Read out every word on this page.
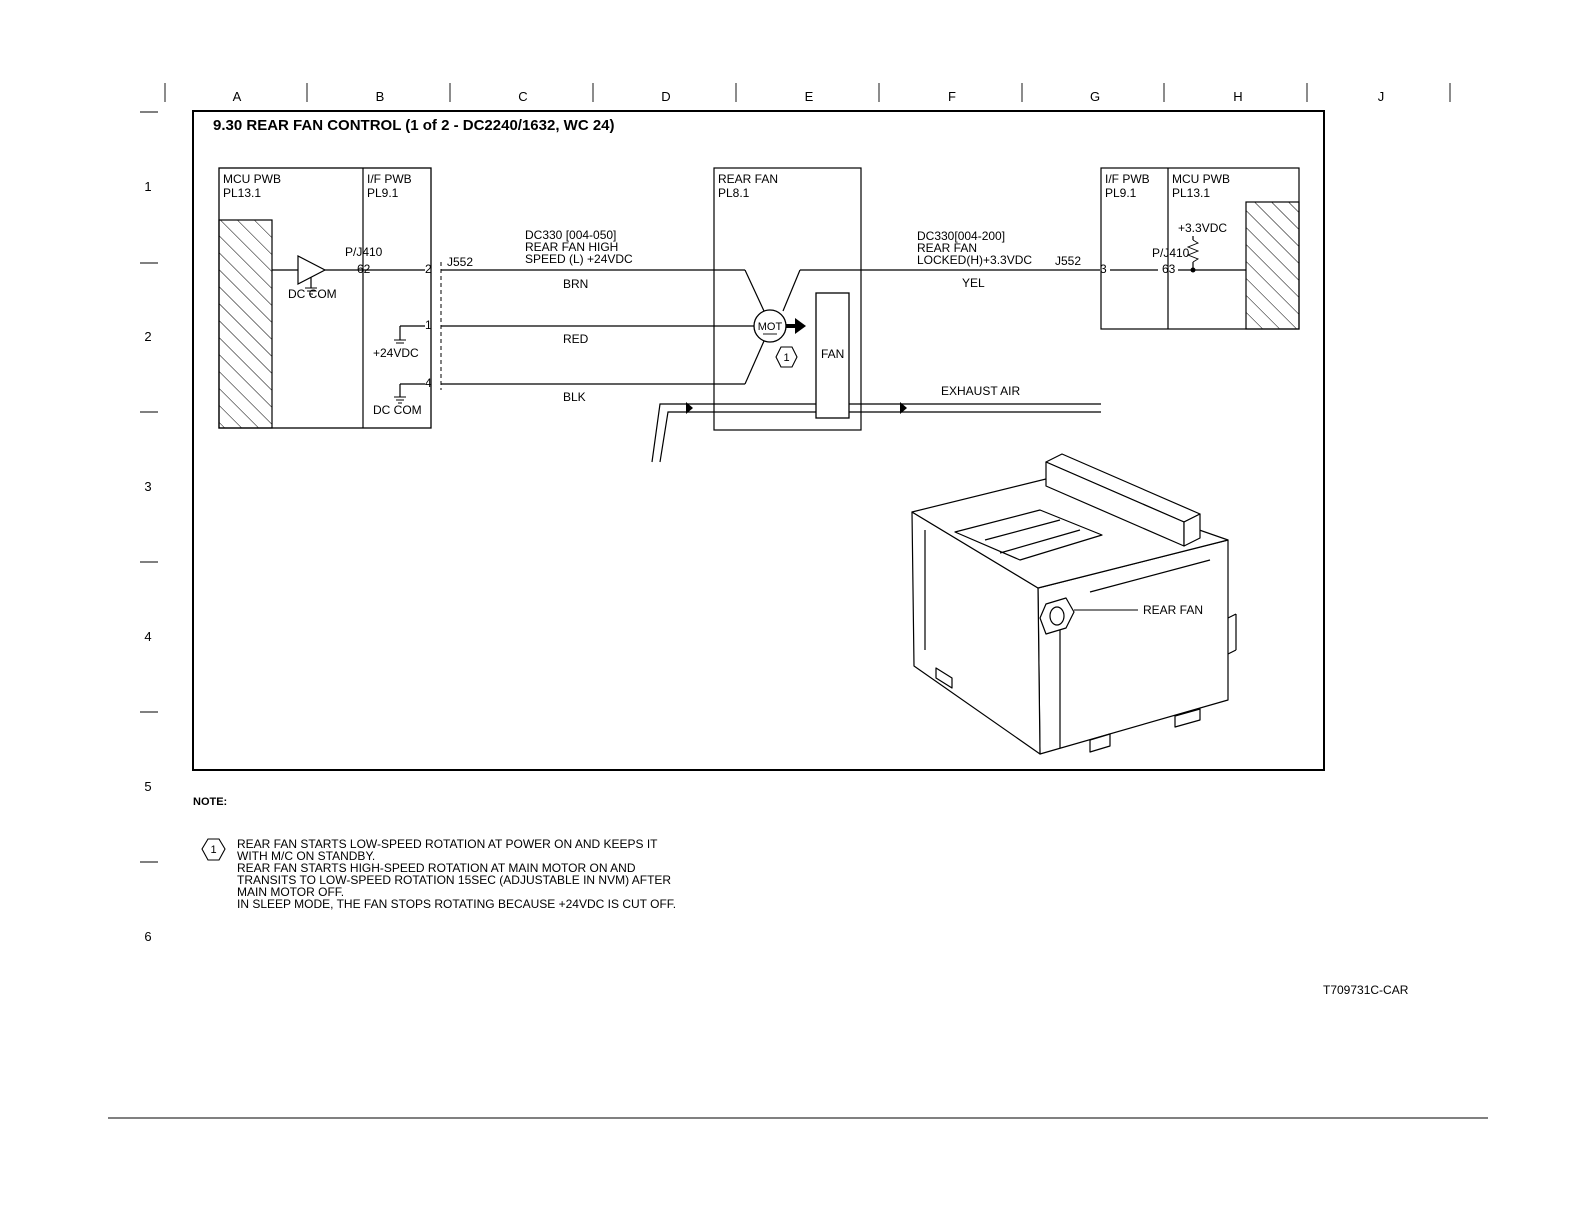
A	B	C	D	E	F	G	H	J
1
2
3
4
5
6
9.30 REAR FAN CONTROL (1 of 2 - DC2240/1632, WC 24)
MCU PWB
PL13.1
I/F PWB
PL9.1
DC COM
P/J410
62	2
1
4
+24VDC
DC COM
J552
DC330 [004-050]
REAR FAN HIGH
SPEED (L) +24VDC
BRN
RED
BLK
YEL
REAR FAN
PL8.1
MOT
FAN
1
EXHAUST AIR
DC330[004-200]
REAR FAN
LOCKED(H)+3.3VDC J552
I/F PWB
PL9.1
MCU PWB
PL13.1
+3.3VDC
P/J410
3	63
REAR FAN
NOTE:
1 REAR FAN STARTS LOW-SPEED ROTATION AT POWER ON AND KEEPS IT
WITH M/C ON STANDBY.
REAR FAN STARTS HIGH-SPEED ROTATION AT MAIN MOTOR ON AND
TRANSITS TO LOW-SPEED ROTATION 15SEC (ADJUSTABLE IN NVM) AFTER
MAIN MOTOR OFF.
IN SLEEP MODE, THE FAN STOPS ROTATING BECAUSE +24VDC IS CUT OFF.
T709731C-CAR
